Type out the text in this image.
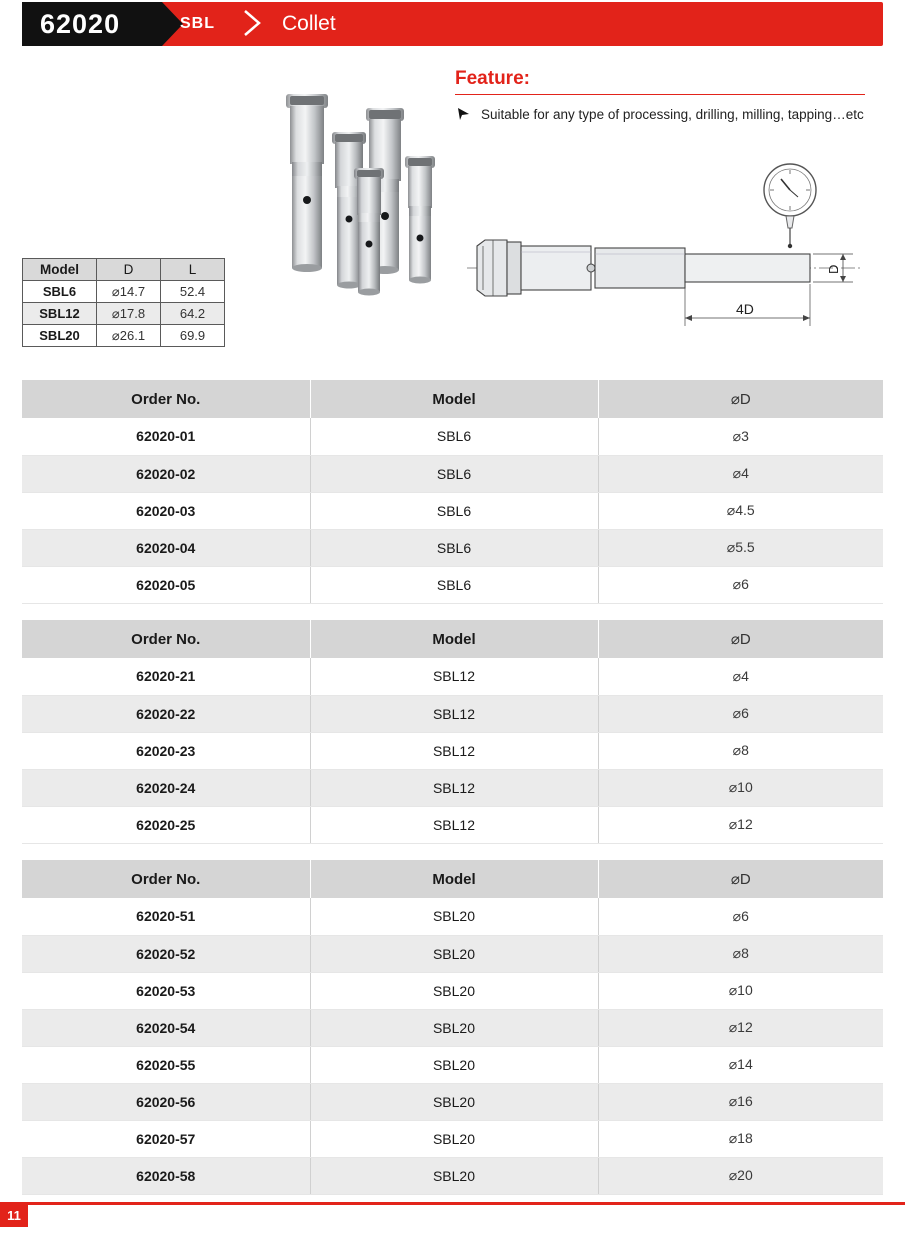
62020	SBL	Collet
Feature:
Suitable for any type of processing, drilling, milling, tapping…etc
D
4D
Model	D	L
SBL6	⌀14.7	52.4
SBL12	⌀17.8	64.2
SBL20	⌀26.1	69.9
Order No.	Model	⌀D
62020-01	SBL6	⌀3
62020-02	SBL6	⌀4
62020-03	SBL6	⌀4.5
62020-04	SBL6	⌀5.5
62020-05	SBL6	⌀6
Order No.	Model	⌀D
62020-21	SBL12	⌀4
62020-22	SBL12	⌀6
62020-23	SBL12	⌀8
62020-24	SBL12	⌀10
62020-25	SBL12	⌀12
Order No.	Model	⌀D
62020-51	SBL20	⌀6
62020-52	SBL20	⌀8
62020-53	SBL20	⌀10
62020-54	SBL20	⌀12
62020-55	SBL20	⌀14
62020-56	SBL20	⌀16
62020-57	SBL20	⌀18
62020-58	SBL20	⌀20
11
